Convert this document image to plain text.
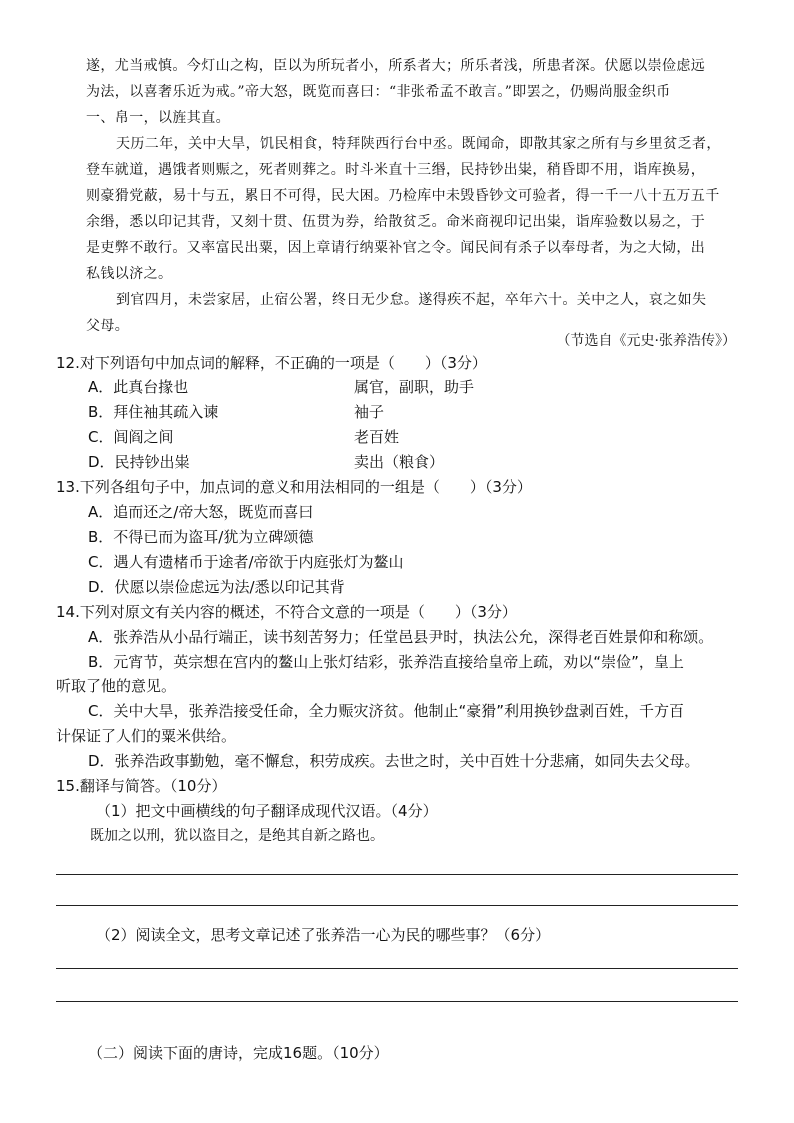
遂，尤当戒慎。今灯山之构，臣以为所玩者小，所系者大；所乐者浅，所患者深。伏愿以崇俭虑远

为法，以喜奢乐近为戒。”帝大怒，既览而喜曰：“非张希孟不敢言。”即罢之，仍赐尚服金织币

一、帛一，以旌其直。

天历二年，关中大旱，饥民相食，特拜陕西行台中丞。既闻命，即散其家之所有与乡里贫乏者，

登车就道，遇饿者则赈之，死者则葬之。时斗米直十三缗，民持钞出粜，稍昏即不用，诣库换易，

则豪猾党蔽，易十与五，累日不可得，民大困。乃检库中未毁昏钞文可验者，得一千一八十五万五千

余缗，悉以印记其背，又刻十贯、伍贯为券，给散贫乏。命米商视印记出粜，诣库验数以易之，于

是吏弊不敢行。又率富民出粟，因上章请行纳粟补官之令。闻民间有杀子以奉母者，为之大恸，出

私钱以济之。

到官四月，未尝家居，止宿公署，终日无少怠。遂得疾不起，卒年六十。关中之人，哀之如失

父母。

（节选自《元史·张养浩传》）

12.对下列语句中加点词的解释，不正确的一项是（　　）（3分）

A．此真台掾也	属官，副职，助手

B．拜住袖其疏入谏	袖子

C．闾阎之间	老百姓

D．民持钞出粜	卖出（粮食）

13.下列各组句子中，加点词的意义和用法相同的一组是（　　）（3分）

A．追而还之/帝大怒，既览而喜曰

B．不得已而为盗耳/犹为立碑颂德

C．遇人有遗楮币于途者/帝欲于内庭张灯为鳌山

D．伏愿以崇俭虑远为法/悉以印记其背

14.下列对原文有关内容的概述，不符合文意的一项是（　　）（3分）

A．张养浩从小品行端正，读书刻苦努力；任堂邑县尹时，执法公允，深得老百姓景仰和称颂。

B．元宵节，英宗想在宫内的鳌山上张灯结彩，张养浩直接给皇帝上疏，劝以“崇俭”，皇上

听取了他的意见。

C．关中大旱，张养浩接受任命，全力赈灾济贫。他制止“豪猾”利用换钞盘剥百姓，千方百

计保证了人们的粟米供给。

D．张养浩政事勤勉，毫不懈怠，积劳成疾。去世之时，关中百姓十分悲痛，如同失去父母。

15.翻译与简答。（10分）

（1）把文中画横线的句子翻译成现代汉语。（4分）

既加之以刑，犹以盗目之，是绝其自新之路也。

（2）阅读全文，思考文章记述了张养浩一心为民的哪些事？（6分）

（二）阅读下面的唐诗，完成16题。（10分）
